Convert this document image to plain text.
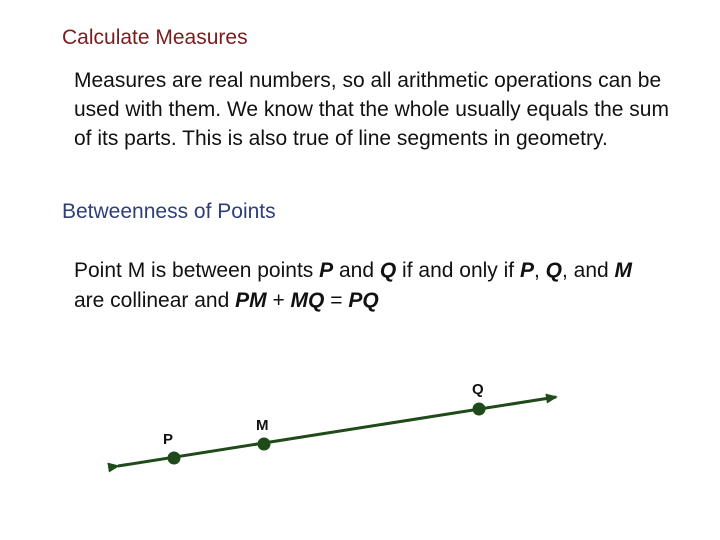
Calculate Measures

Measures are real numbers, so all arithmetic operations can be used with them. We know that the whole usually equals the sum of its parts. This is also true of line segments in geometry.

Betweenness of Points

Point M is between points P and Q if and only if P, Q, and M are collinear and PM + MQ = PQ

P
M
Q
